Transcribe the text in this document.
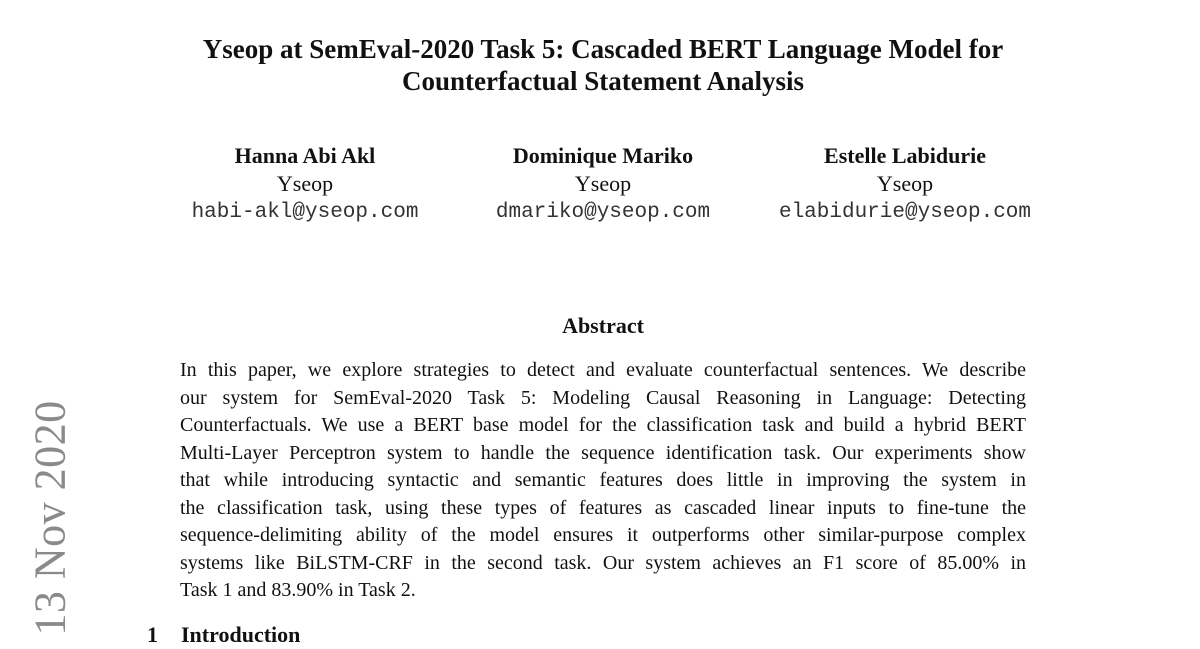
Yseop at SemEval-2020 Task 5: Cascaded BERT Language Model for
Counterfactual Statement Analysis
Hanna Abi Akl
Yseop
habi-akl@yseop.com
Dominique Mariko
Yseop
dmariko@yseop.com
Estelle Labidurie
Yseop
elabidurie@yseop.com
Abstract
In this paper, we explore strategies to detect and evaluate counterfactual sentences. We describe
our system for SemEval-2020 Task 5: Modeling Causal Reasoning in Language: Detecting
Counterfactuals. We use a BERT base model for the classification task and build a hybrid BERT
Multi-Layer Perceptron system to handle the sequence identification task. Our experiments show
that while introducing syntactic and semantic features does little in improving the system in
the classification task, using these types of features as cascaded linear inputs to fine-tune the
sequence-delimiting ability of the model ensures it outperforms other similar-purpose complex
systems like BiLSTM-CRF in the second task. Our system achieves an F1 score of 85.00% in
Task 1 and 83.90% in Task 2.
1 Introduction
13 Nov 2020
